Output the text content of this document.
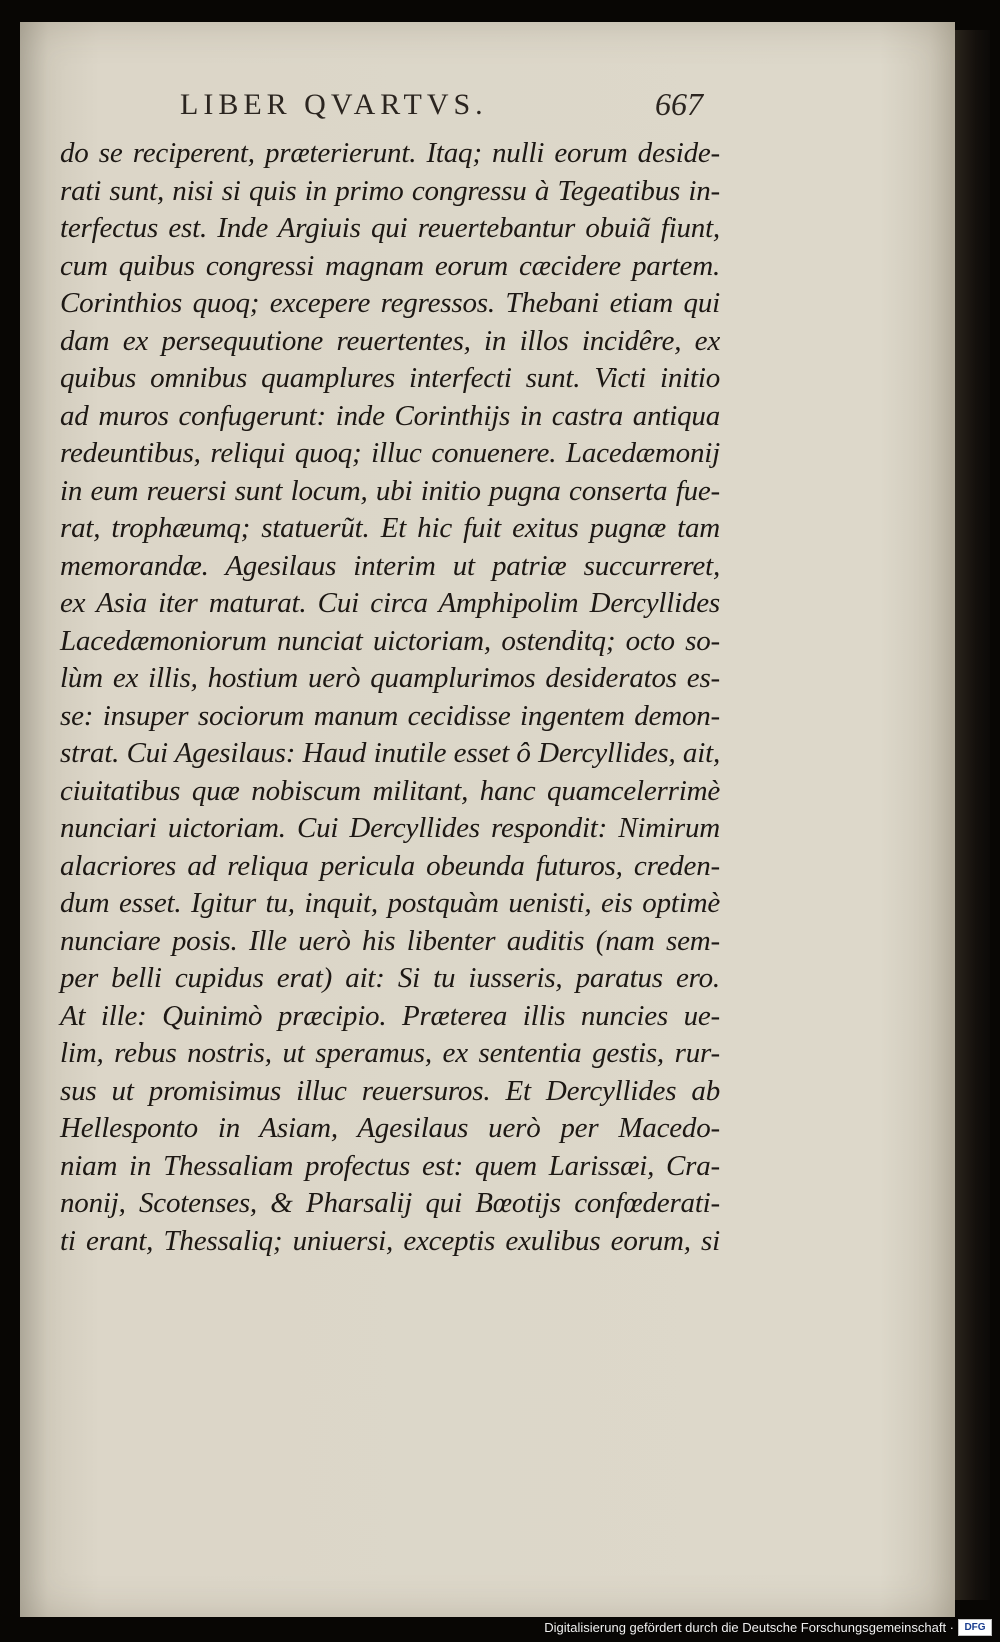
LIBER QVARTVS.	667
do se reciperent, præterierunt. Itaq; nulli eorum deside-
rati sunt, nisi si quis in primo congressu à Tegeatibus in-
terfectus est. Inde Argiuis qui reuertebantur obuiã fiunt,
cum quibus congressi magnam eorum cæcidere partem.
Corinthios quoq; excepere regressos. Thebani etiam qui
dam ex persequutione reuertentes, in illos incidêre, ex
quibus omnibus quamplures interfecti sunt. Victi initio
ad muros confugerunt: inde Corinthijs in castra antiqua
redeuntibus, reliqui quoq; illuc conuenere. Lacedæmonij
in eum reuersi sunt locum, ubi initio pugna conserta fue-
rat, trophæumq; statuerũt. Et hic fuit exitus pugnæ tam
memorandæ. Agesilaus interim ut patriæ succurreret,
ex Asia iter maturat. Cui circa Amphipolim Dercyllides
Lacedæmoniorum nunciat uictoriam, ostenditq; octo so-
lùm ex illis, hostium uerò quamplurimos desideratos es-
se: insuper sociorum manum cecidisse ingentem demon-
strat. Cui Agesilaus: Haud inutile esset ô Dercyllides, ait,
ciuitatibus quæ nobiscum militant, hanc quamcelerrimè
nunciari uictoriam. Cui Dercyllides respondit: Nimirum
alacriores ad reliqua pericula obeunda futuros, creden-
dum esset. Igitur tu, inquit, postquàm uenisti, eis optimè
nunciare posis. Ille uerò his libenter auditis (nam sem-
per belli cupidus erat) ait: Si tu iusseris, paratus ero.
At ille: Quinimò præcipio. Præterea illis nuncies ue-
lim, rebus nostris, ut speramus, ex sententia gestis, rur-
sus ut promisimus illuc reuersuros. Et Dercyllides ab
Hellesponto in Asiam, Agesilaus uerò per Macedo-
niam in Thessaliam profectus est: quem Larissæi, Cra-
nonij, Scotenses, & Pharsalij qui Bœotijs confœderati-
ti erant, Thessaliq; uniuersi, exceptis exulibus eorum, si
Digitalisierung gefördert durch die Deutsche Forschungsgemeinschaft ·	DFG
